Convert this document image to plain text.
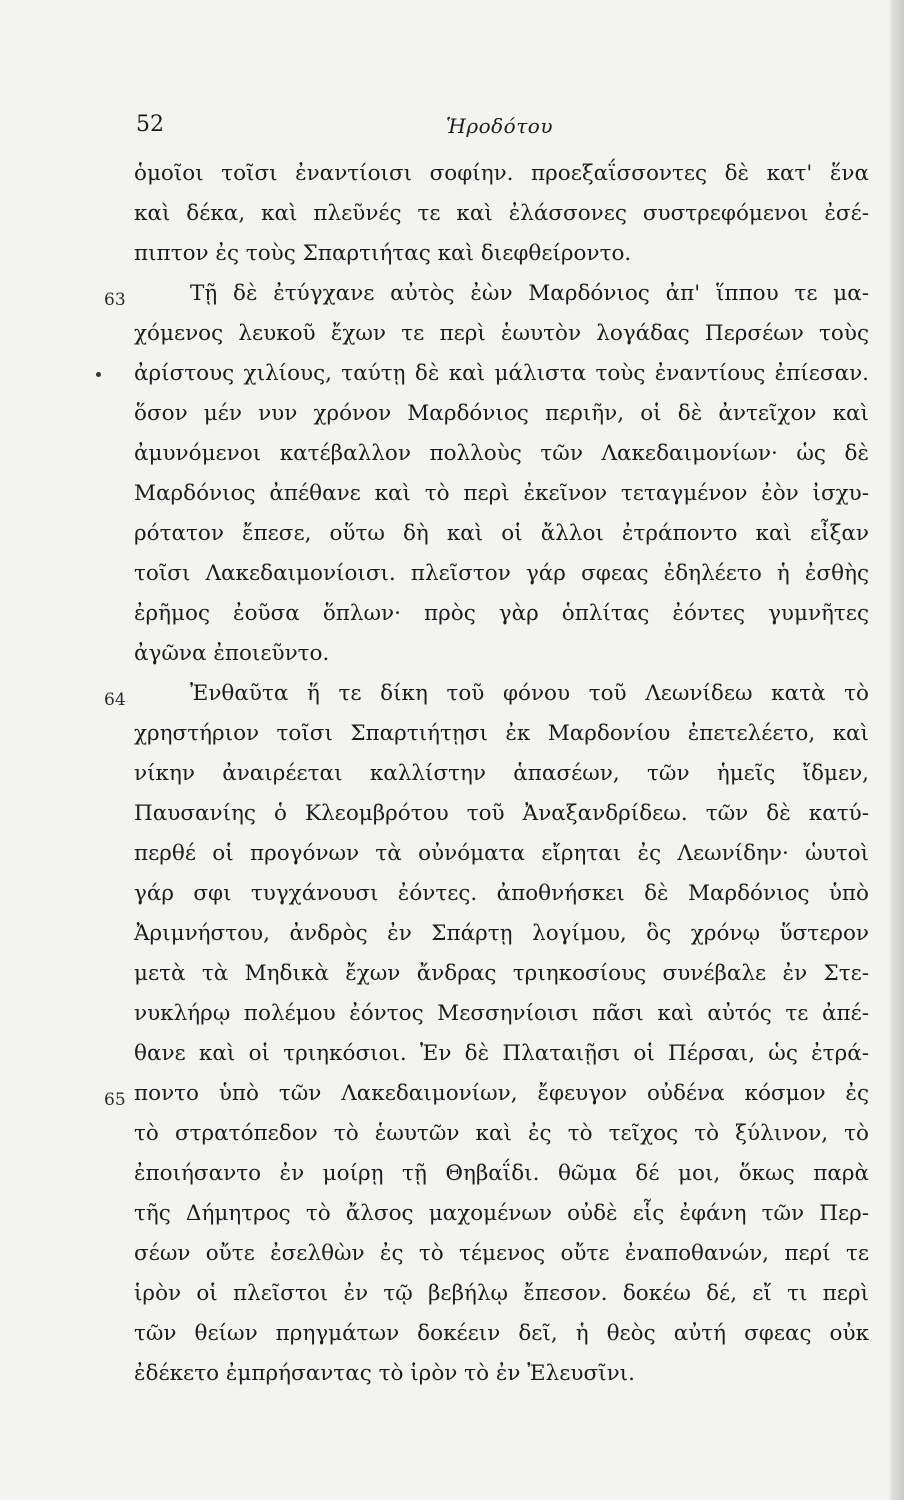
52	Ἡροδότου
63
64
65
ὁμοῖοι τοῖσι ἐναντίοισι σοφίην. προεξαΐσσοντες δὲ κατ' ἕνα
καὶ δέκα, καὶ πλεῦνές τε καὶ ἐλάσσονες συστρεφόμενοι ἐσέ-
πιπτον ἐς τοὺς Σπαρτιήτας καὶ διεφθείροντο.
Τῇ δὲ ἐτύγχανε αὐτὸς ἐὼν Μαρδόνιος ἀπ' ἵππου τε μα-
χόμενος λευκοῦ ἔχων τε περὶ ἑωυτὸν λογάδας Περσέων τοὺς
ἀρίστους χιλίους, ταύτῃ δὲ καὶ μάλιστα τοὺς ἐναντίους ἐπίεσαν.
ὅσον μέν νυν χρόνον Μαρδόνιος περιῆν, οἱ δὲ ἀντεῖχον καὶ
ἀμυνόμενοι κατέβαλλον πολλοὺς τῶν Λακεδαιμονίων· ὡς δὲ
Μαρδόνιος ἀπέθανε καὶ τὸ περὶ ἐκεῖνον τεταγμένον ἐὸν ἰσχυ-
ρότατον ἔπεσε, οὕτω δὴ καὶ οἱ ἄλλοι ἐτράποντο καὶ εἶξαν
τοῖσι Λακεδαιμονίοισι. πλεῖστον γάρ σφεας ἐδηλέετο ἡ ἐσθὴς
ἐρῆμος ἐοῦσα ὅπλων· πρὸς γὰρ ὁπλίτας ἐόντες γυμνῆτες
ἀγῶνα ἐποιεῦντο.
Ἐνθαῦτα ἥ τε δίκη τοῦ φόνου τοῦ Λεωνίδεω κατὰ τὸ
χρηστήριον τοῖσι Σπαρτιήτῃσι ἐκ Μαρδονίου ἐπετελέετο, καὶ
νίκην ἀναιρέεται καλλίστην ἁπασέων, τῶν ἡμεῖς ἴδμεν,
Παυσανίης ὁ Κλεομβρότου τοῦ Ἀναξανδρίδεω. τῶν δὲ κατύ-
περθέ οἱ προγόνων τὰ οὐνόματα εἴρηται ἐς Λεωνίδην· ὡυτοὶ
γάρ σφι τυγχάνουσι ἐόντες. ἀποθνήσκει δὲ Μαρδόνιος ὑπὸ
Ἀριμνήστου, ἀνδρὸς ἐν Σπάρτῃ λογίμου, ὃς χρόνῳ ὕστερον
μετὰ τὰ Μηδικὰ ἔχων ἄνδρας τριηκοσίους συνέβαλε ἐν Στε-
νυκλήρῳ πολέμου ἐόντος Μεσσηνίοισι πᾶσι καὶ αὐτός τε ἀπέ-
θανε καὶ οἱ τριηκόσιοι. Ἐν δὲ Πλαταιῇσι οἱ Πέρσαι, ὡς ἐτρά-
ποντο ὑπὸ τῶν Λακεδαιμονίων, ἔφευγον οὐδένα κόσμον ἐς
τὸ στρατόπεδον τὸ ἑωυτῶν καὶ ἐς τὸ τεῖχος τὸ ξύλινον, τὸ
ἐποιήσαντο ἐν μοίρῃ τῇ Θηβαΐδι. θῶμα δέ μοι, ὅκως παρὰ
τῆς Δήμητρος τὸ ἄλσος μαχομένων οὐδὲ εἷς ἐφάνη τῶν Περ-
σέων οὔτε ἐσελθὼν ἐς τὸ τέμενος οὔτε ἐναποθανών, περί τε
ἱρὸν οἱ πλεῖστοι ἐν τῷ βεβήλῳ ἔπεσον. δοκέω δέ, εἴ τι περὶ
τῶν θείων πρηγμάτων δοκέειν δεῖ, ἡ θεὸς αὐτή σφεας οὐκ
ἐδέκετο ἐμπρήσαντας τὸ ἱρὸν τὸ ἐν Ἐλευσῖνι.
